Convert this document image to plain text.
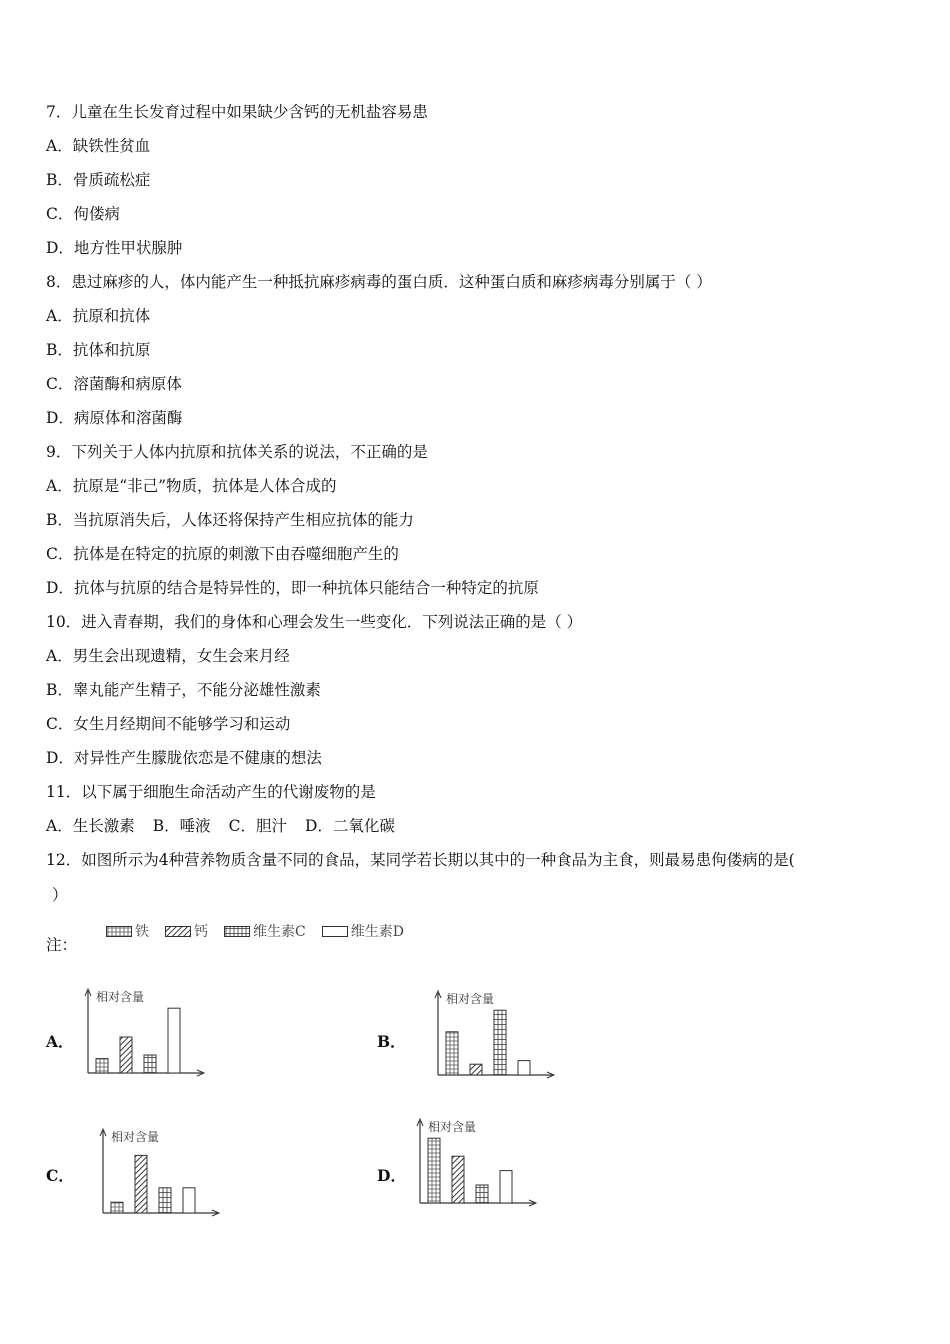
7．儿童在生长发育过程中如果缺少含钙的无机盐容易患
A．缺铁性贫血
B．骨质疏松症
C．佝偻病
D．地方性甲状腺肿
8．患过麻疹的人，体内能产生一种抵抗麻疹病毒的蛋白质．这种蛋白质和麻疹病毒分别属于（ ）
A．抗原和抗体
B．抗体和抗原
C．溶菌酶和病原体
D．病原体和溶菌酶
9．下列关于人体内抗原和抗体关系的说法，不正确的是
A．抗原是“非己”物质，抗体是人体合成的
B．当抗原消失后，人体还将保持产生相应抗体的能力
C．抗体是在特定的抗原的刺激下由吞噬细胞产生的
D．抗体与抗原的结合是特异性的，即一种抗体只能结合一种特定的抗原
10．进入青春期，我们的身体和心理会发生一些变化．下列说法正确的是（ ）
A．男生会出现遗精，女生会来月经
B．睾丸能产生精子，不能分泌雄性激素
C．女生月经期间不能够学习和运动
D．对异性产生朦胧依恋是不健康的想法
11．以下属于细胞生命活动产生的代谢废物的是
A．生长激素 B．唾液 C．胆汁 D．二氧化碳
12．如图所示为4种营养物质含量不同的食品，某同学若长期以其中的一种食品为主食，则最易患佝偻病的是(
）
注：
铁	钙	维生素C	维生素D
A．	B．
C．	D．
相对含量	相对含量
相对含量
相对含量
